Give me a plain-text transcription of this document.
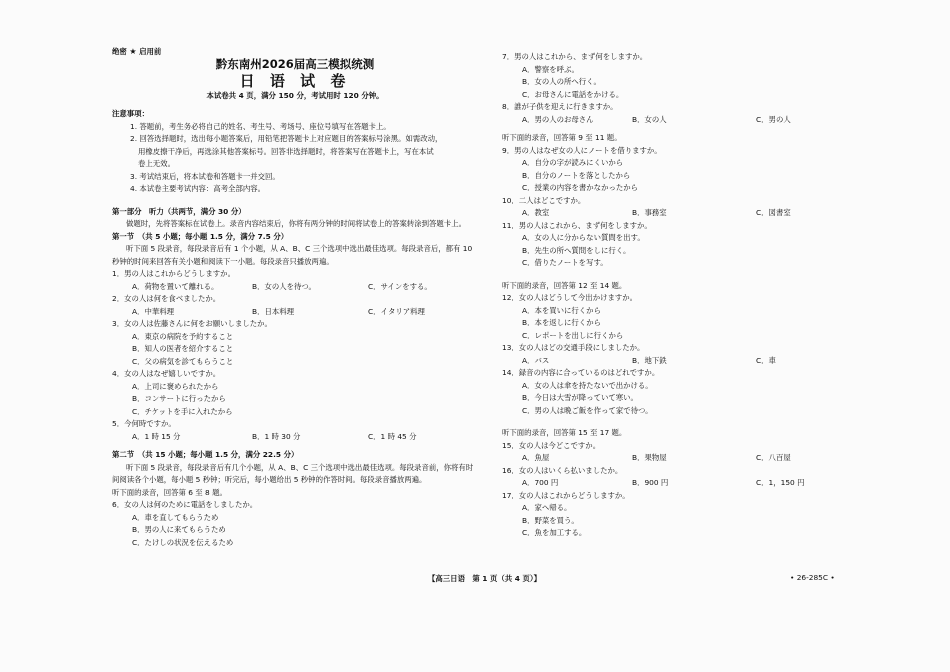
绝密 ★ 启用前
黔东南州2026届高三模拟统测
日 语 试 卷
本试卷共 4 页，满分 150 分，考试用时 120 分钟。
注意事项：
1. 答题前，考生务必将自己的姓名、考生号、考场号、座位号填写在答题卡上。
2. 回答选择题时，选出每小题答案后，用铅笔把答题卡上对应题目的答案标号涂黑。如需改动，
用橡皮擦干净后，再选涂其他答案标号。回答非选择题时，将答案写在答题卡上，写在本试
卷上无效。
3. 考试结束后，将本试卷和答题卡一并交回。
4. 本试卷主要考试内容：高考全部内容。
第一部分　听力（共两节，满分 30 分）
做题时，先将答案标在试卷上。录音内容结束后，你将有两分钟的时间将试卷上的答案转涂到答题卡上。
第一节　（共 5 小题；每小题 1.5 分，满分 7.5 分）
听下面 5 段录音，每段录音后有 1 个小题，从 A、B、C 三个选项中选出最佳选项。每段录音后，都有 10 秒钟的时间来回答有关小题和阅读下一小题。每段录音只播放两遍。
1．男の人はこれからどうしますか。
A．荷物を置いて離れる。	B．女の人を待つ。	C．サインをする。
2．女の人は何を食べましたか。
A．中華料理	B．日本料理	C．イタリア料理
3．女の人は佐藤さんに何をお願いしましたか。
A．東京の病院を予約すること
B．知人の医者を紹介すること
C．父の病気を診てもらうこと
4．女の人はなぜ嬉しいですか。
A．上司に褒められたから
B．コンサートに行ったから
C．チケットを手に入れたから
5．今何時ですか。
A．1 時 15 分	B．1 時 30 分	C．1 時 45 分
第二节　（共 15 小题；每小题 1.5 分，满分 22.5 分）
听下面 5 段录音，每段录音后有几个小题，从 A、B、C 三个选项中选出最佳选项。每段录音前，你将有时间阅读各个小题，每小题 5 秒钟；听完后，每小题给出 5 秒钟的作答时间。每段录音播放两遍。
听下面的录音，回答第 6 至 8 题。
6．女の人は何のために電話をしましたか。
A．車を直してもらうため
B．男の人に来てもらうため
C．たけしの状況を伝えるため
7．男の人はこれから、まず何をしますか。
A．警察を呼ぶ。
B．女の人の所へ行く。
C．お母さんに電話をかける。
8．誰が子供を迎えに行きますか。
A．男の人のお母さん	B．女の人	C．男の人
听下面的录音，回答第 9 至 11 题。
9．男の人はなぜ女の人にノートを借りますか。
A．自分の字が読みにくいから
B．自分のノートを落としたから
C．授業の内容を書かなかったから
10．二人はどこですか。
A．教室	B．事務室	C．図書室
11．男の人はこれから、まず何をしますか。
A．女の人に分からない質問を出す。
B．先生の所へ質問をしに行く。
C．借りたノートを写す。
听下面的录音，回答第 12 至 14 题。
12．女の人はどうして今出かけますか。
A．本を買いに行くから
B．本を返しに行くから
C．レポートを出しに行くから
13．女の人はどの交通手段にしましたか。
A．バス	B．地下鉄	C．車
14．録音の内容に合っているのはどれですか。
A．女の人は傘を持たないで出かける。
B．今日は大雪が降っていて寒い。
C．男の人は晩ご飯を作って家で待つ。
听下面的录音，回答第 15 至 17 题。
15．女の人は今どこですか。
A．魚屋	B．果物屋	C．八百屋
16．女の人はいくら払いましたか。
A．700 円	B．900 円	C．1，150 円
17．女の人はこれからどうしますか。
A．家へ帰る。
B．野菜を買う。
C．魚を加工する。
【高三日语　第 1 页（共 4 页）】	• 26-285C •
